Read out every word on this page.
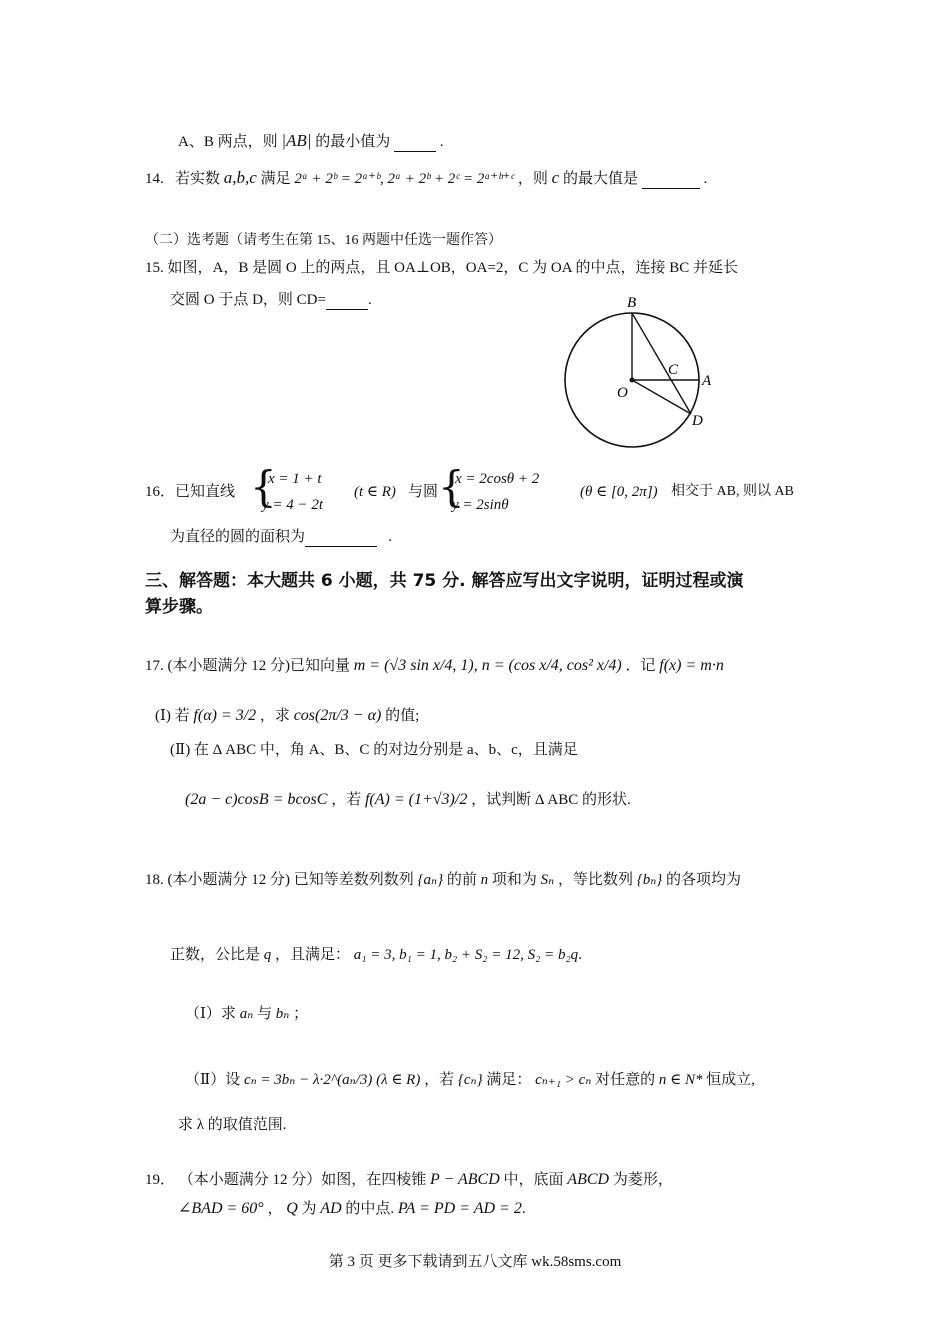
A、B 两点，则 |AB| 的最小值为	.
14. 若实数 a,b,c 满足 2ᵃ + 2ᵇ = 2ᵃ⁺ᵇ, 2ᵃ + 2ᵇ + 2ᶜ = 2ᵃ⁺ᵇ⁺ᶜ ，则 c 的最大值是	.
（二）选考题（请考生在第 15、16 两题中任选一题作答）
15. 如图，A，B 是圆 O 上的两点，且 OA⊥OB，OA=2，C 为 OA 的中点，连接 BC 并延长
交圆 O 于点 D，则 CD=	.	B
C
A
O
D
16．已知直线 {
x = 1 + t
y = 4 − 2t
(t ∈ R) 与圆 {
x = 2cosθ + 2
y = 2sinθ
(θ ∈ [0, 2π]) 相交于 AB, 则以 AB
为直径的圆的面积为	.
三、解答题：本大题共 6 小题，共 75 分. 解答应写出文字说明，证明过程或演
算步骤。
17. (本小题满分 12 分)已知向量 m = (√3 sin x/4, 1), n = (cos x/4, cos² x/4) ．记 f(x) = m·n
(Ⅰ) 若 f(α) = 3/2 ，求 cos(2π/3 − α) 的值;
(Ⅱ) 在 Δ ABC 中，角 A、B、C 的对边分别是 a、b、c，且满足
(2a − c)cosB = bcosC ，若 f(A) = (1+√3)/2 ，试判断 Δ ABC 的形状.
18. (本小题满分 12 分) 已知等差数列数列 {aₙ} 的前 n 项和为 Sₙ ，等比数列 {bₙ} 的各项均为
正数，公比是 q ，且满足： a₁ = 3, b₁ = 1, b₂ + S₂ = 12, S₂ = b₂q.
（Ⅰ）求 aₙ 与 bₙ ；
（Ⅱ）设 cₙ = 3bₙ − λ·2^(aₙ/3) (λ ∈ R) ，若 {cₙ} 满足： cₙ₊₁ > cₙ 对任意的 n ∈ N* 恒成立,
求 λ 的取值范围.
19． （本小题满分 12 分）如图，在四棱锥 P − ABCD 中，底面 ABCD 为菱形，
∠BAD = 60° ， Q 为 AD 的中点. PA = PD = AD = 2.
第 3 页 更多下载请到五八文库 wk.58sms.com
